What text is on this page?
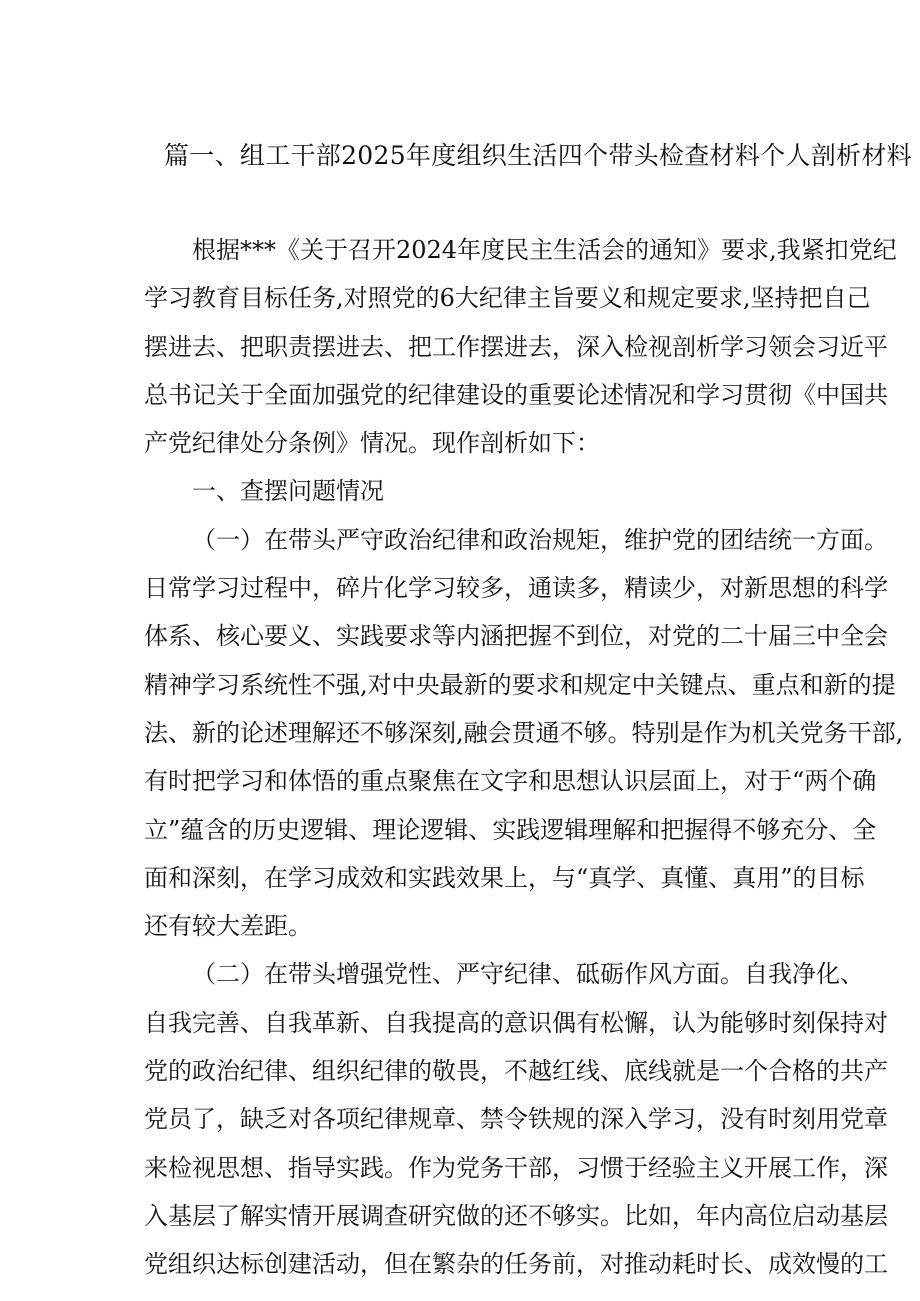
篇一、组工干部2025年度组织生活四个带头检查材料个人剖析材料
根据***《关于召开2024年度民主生活会的通知》要求,我紧扣党纪
学习教育目标任务,对照党的6大纪律主旨要义和规定要求,坚持把自己
摆进去、把职责摆进去、把工作摆进去，深入检视剖析学习领会习近平
总书记关于全面加强党的纪律建设的重要论述情况和学习贯彻《中国共
产党纪律处分条例》情况。现作剖析如下：
一、查摆问题情况
（一）在带头严守政治纪律和政治规矩，维护党的团结统一方面。
日常学习过程中，碎片化学习较多，通读多，精读少，对新思想的科学
体系、核心要义、实践要求等内涵把握不到位，对党的二十届三中全会
精神学习系统性不强,对中央最新的要求和规定中关键点、重点和新的提
法、新的论述理解还不够深刻,融会贯通不够。特别是作为机关党务干部,
有时把学习和体悟的重点聚焦在文字和思想认识层面上，对于“两个确
立”蕴含的历史逻辑、理论逻辑、实践逻辑理解和把握得不够充分、全
面和深刻，在学习成效和实践效果上，与“真学、真懂、真用”的目标
还有较大差距。
（二）在带头增强党性、严守纪律、砥砺作风方面。自我净化、
自我完善、自我革新、自我提高的意识偶有松懈，认为能够时刻保持对
党的政治纪律、组织纪律的敬畏，不越红线、底线就是一个合格的共产
党员了，缺乏对各项纪律规章、禁令铁规的深入学习，没有时刻用党章
来检视思想、指导实践。作为党务干部，习惯于经验主义开展工作，深
入基层了解实情开展调查研究做的还不够实。比如，年内高位启动基层
党组织达标创建活动，但在繁杂的任务前，对推动耗时长、成效慢的工
